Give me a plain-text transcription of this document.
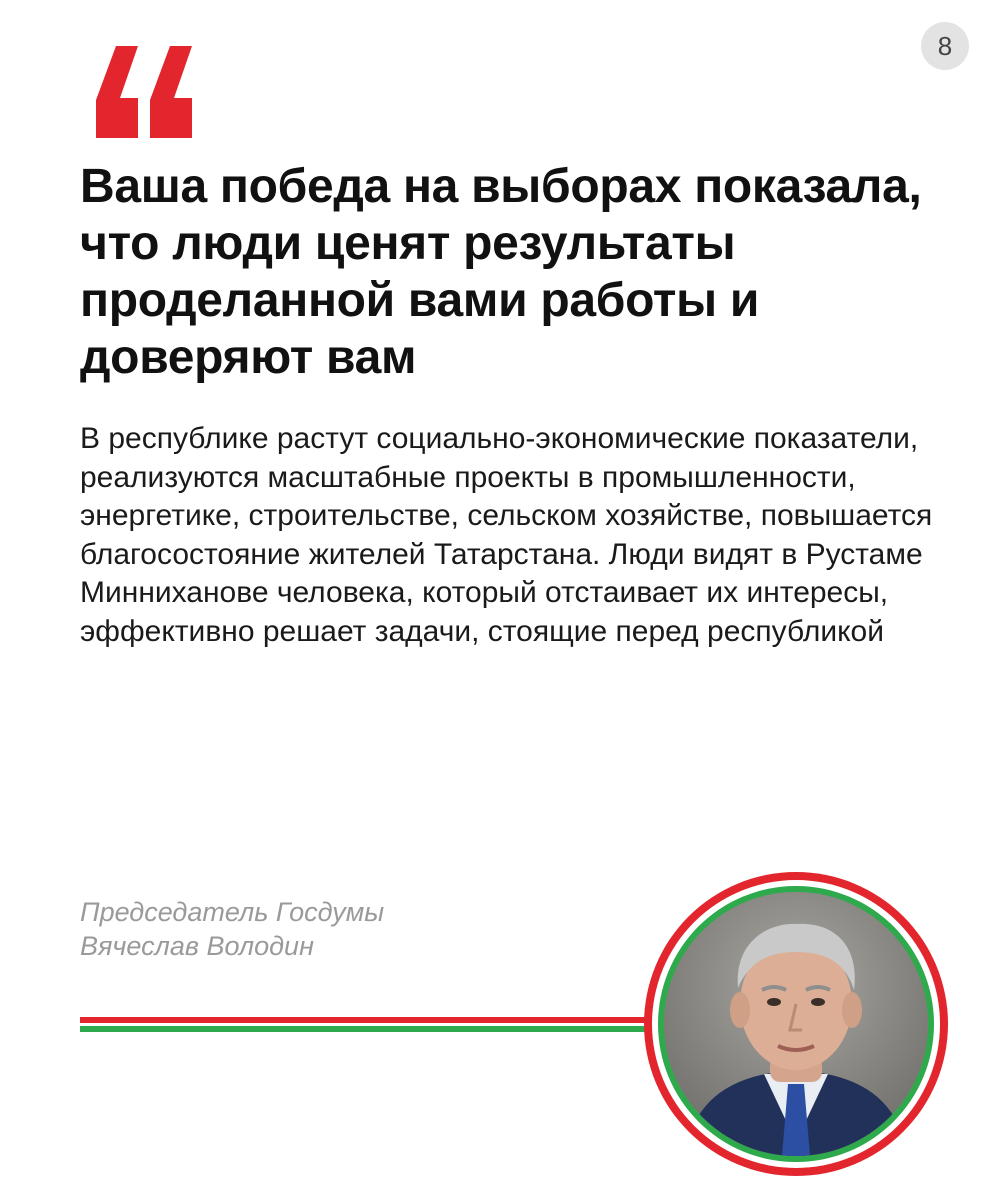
8
Ваша победа на выборах показала, что люди ценят результаты проделанной вами работы и доверяют вам

В республике растут социально-экономические показатели, реализуются масштабные проекты в промышленности, энергетике, строительстве, сельском хозяйстве, повышается благосостояние жителей Татарстана. Люди видят в Рустаме Минниханове человека, который отстаивает их интересы, эффективно решает задачи, стоящие перед республикой

Председатель Госдумы
Вячеслав Володин
